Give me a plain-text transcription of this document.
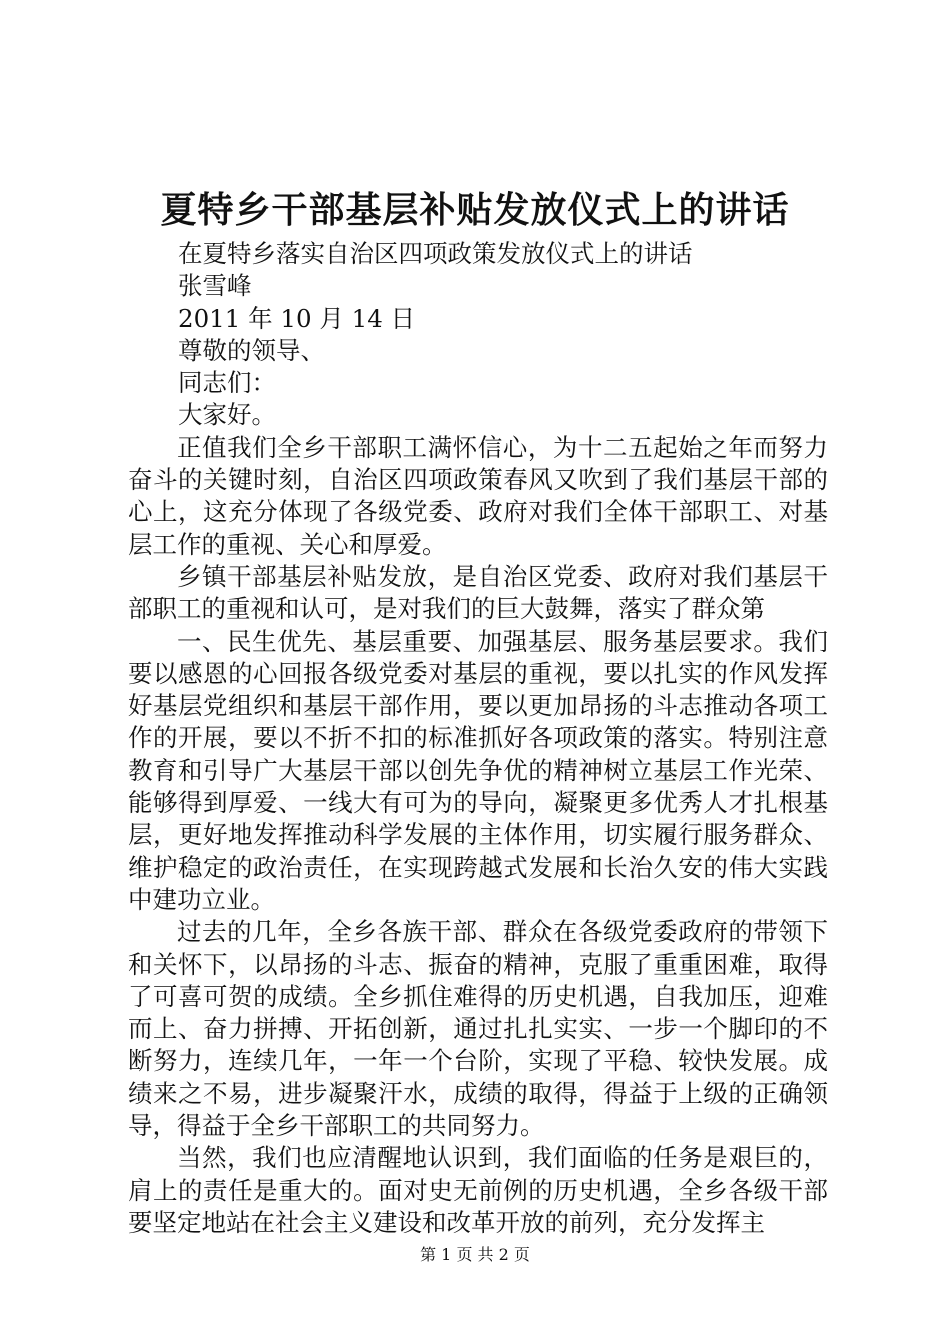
夏特乡干部基层补贴发放仪式上的讲话

在夏特乡落实自治区四项政策发放仪式上的讲话

张雪峰

2011 年 10 月 14 日

尊敬的领导、

同志们：

大家好。

正值我们全乡干部职工满怀信心，为十二五起始之年而努力奋斗的关键时刻，自治区四项政策春风又吹到了我们基层干部的心上，这充分体现了各级党委、政府对我们全体干部职工、对基层工作的重视、关心和厚爱。

乡镇干部基层补贴发放，是自治区党委、政府对我们基层干部职工的重视和认可，是对我们的巨大鼓舞，落实了群众第

一、民生优先、基层重要、加强基层、服务基层要求。我们要以感恩的心回报各级党委对基层的重视，要以扎实的作风发挥好基层党组织和基层干部作用，要以更加昂扬的斗志推动各项工作的开展，要以不折不扣的标准抓好各项政策的落实。特别注意教育和引导广大基层干部以创先争优的精神树立基层工作光荣、能够得到厚爱、一线大有可为的导向，凝聚更多优秀人才扎根基层，更好地发挥推动科学发展的主体作用，切实履行服务群众、维护稳定的政治责任，在实现跨越式发展和长治久安的伟大实践中建功立业。

过去的几年，全乡各族干部、群众在各级党委政府的带领下和关怀下，以昂扬的斗志、振奋的精神，克服了重重困难，取得了可喜可贺的成绩。全乡抓住难得的历史机遇，自我加压，迎难而上、奋力拼搏、开拓创新，通过扎扎实实、一步一个脚印的不断努力，连续几年，一年一个台阶，实现了平稳、较快发展。成绩来之不易，进步凝聚汗水，成绩的取得，得益于上级的正确领导，得益于全乡干部职工的共同努力。

当然，我们也应清醒地认识到，我们面临的任务是艰巨的，肩上的责任是重大的。面对史无前例的历史机遇，全乡各级干部要坚定地站在社会主义建设和改革开放的前列，充分发挥主

第 1 页 共 2 页
